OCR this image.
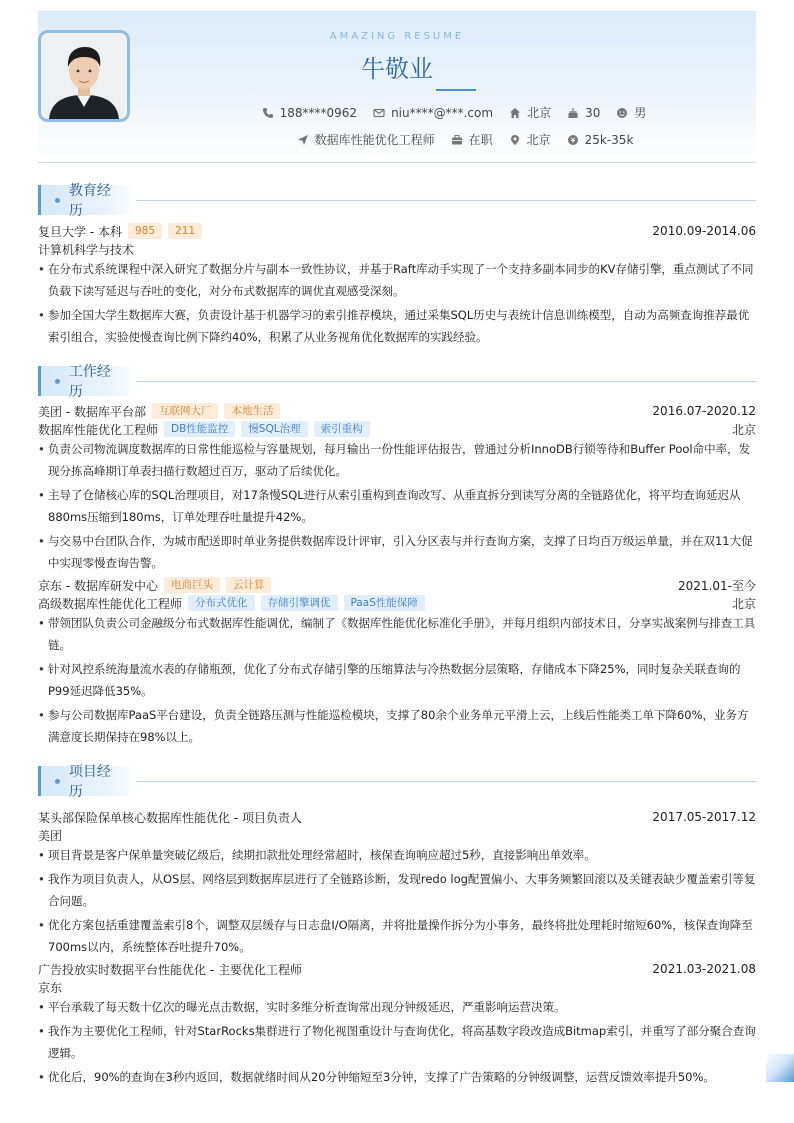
AMAZING RESUME
牛敬业
188****0962	niu****@***.com	北京	30	男
数据库性能优化工程师	在职	北京	25k-35k
教育经历
复旦大学 - 本科	985	211	2010.09-2014.06
计算机科学与技术
• 在分布式系统课程中深入研究了数据分片与副本一致性协议，并基于Raft库动手实现了一个支持多副本同步的KV存储引擎，重点测试了不同负载下读写延迟与吞吐的变化，对分布式数据库的调优直观感受深刻。
• 参加全国大学生数据库大赛，负责设计基于机器学习的索引推荐模块，通过采集SQL历史与表统计信息训练模型，自动为高频查询推荐最优索引组合，实验使慢查询比例下降约40%，积累了从业务视角优化数据库的实践经验。
工作经历
美团 - 数据库平台部	互联网大厂	本地生活	2016.07-2020.12
数据库性能优化工程师	DB性能监控	慢SQL治理	索引重构	北京
• 负责公司物流调度数据库的日常性能巡检与容量规划，每月输出一份性能评估报告，曾通过分析InnoDB行锁等待和Buffer Pool命中率，发现分拣高峰期订单表扫描行数超过百万，驱动了后续优化。
• 主导了仓储核心库的SQL治理项目，对17条慢SQL进行从索引重构到查询改写、从垂直拆分到读写分离的全链路优化，将平均查询延迟从880ms压缩到180ms，订单处理吞吐量提升42%。
• 与交易中台团队合作，为城市配送即时单业务提供数据库设计评审，引入分区表与并行查询方案，支撑了日均百万级运单量，并在双11大促中实现零慢查询告警。
京东 - 数据库研发中心	电商巨头	云计算	2021.01-至今
高级数据库性能优化工程师	分布式优化	存储引擎调优	PaaS性能保障	北京
• 带领团队负责公司金融级分布式数据库性能调优，编制了《数据库性能优化标准化手册》，并每月组织内部技术日，分享实战案例与排查工具链。
• 针对风控系统海量流水表的存储瓶颈，优化了分布式存储引擎的压缩算法与冷热数据分层策略，存储成本下降25%，同时复杂关联查询的P99延迟降低35%。
• 参与公司数据库PaaS平台建设，负责全链路压测与性能巡检模块，支撑了80余个业务单元平滑上云，上线后性能类工单下降60%，业务方满意度长期保持在98%以上。
项目经历
某头部保险保单核心数据库性能优化 - 项目负责人	2017.05-2017.12
美团
• 项目背景是客户保单量突破亿级后，续期扣款批处理经常超时，核保查询响应超过5秒，直接影响出单效率。
• 我作为项目负责人，从OS层、网络层到数据库层进行了全链路诊断，发现redo log配置偏小、大事务频繁回滚以及关键表缺少覆盖索引等复合问题。
• 优化方案包括重建覆盖索引8个，调整双层缓存与日志盘I/O隔离，并将批量操作拆分为小事务，最终将批处理耗时缩短60%，核保查询降至700ms以内，系统整体吞吐提升70%。
广告投放实时数据平台性能优化 - 主要优化工程师	2021.03-2021.08
京东
• 平台承载了每天数十亿次的曝光点击数据，实时多维分析查询常出现分钟级延迟，严重影响运营决策。
• 我作为主要优化工程师，针对StarRocks集群进行了物化视图重设计与查询优化，将高基数字段改造成Bitmap索引，并重写了部分聚合查询逻辑。
• 优化后，90%的查询在3秒内返回，数据就绪时间从20分钟缩短至3分钟，支撑了广告策略的分钟级调整，运营反馈效率提升50%。
